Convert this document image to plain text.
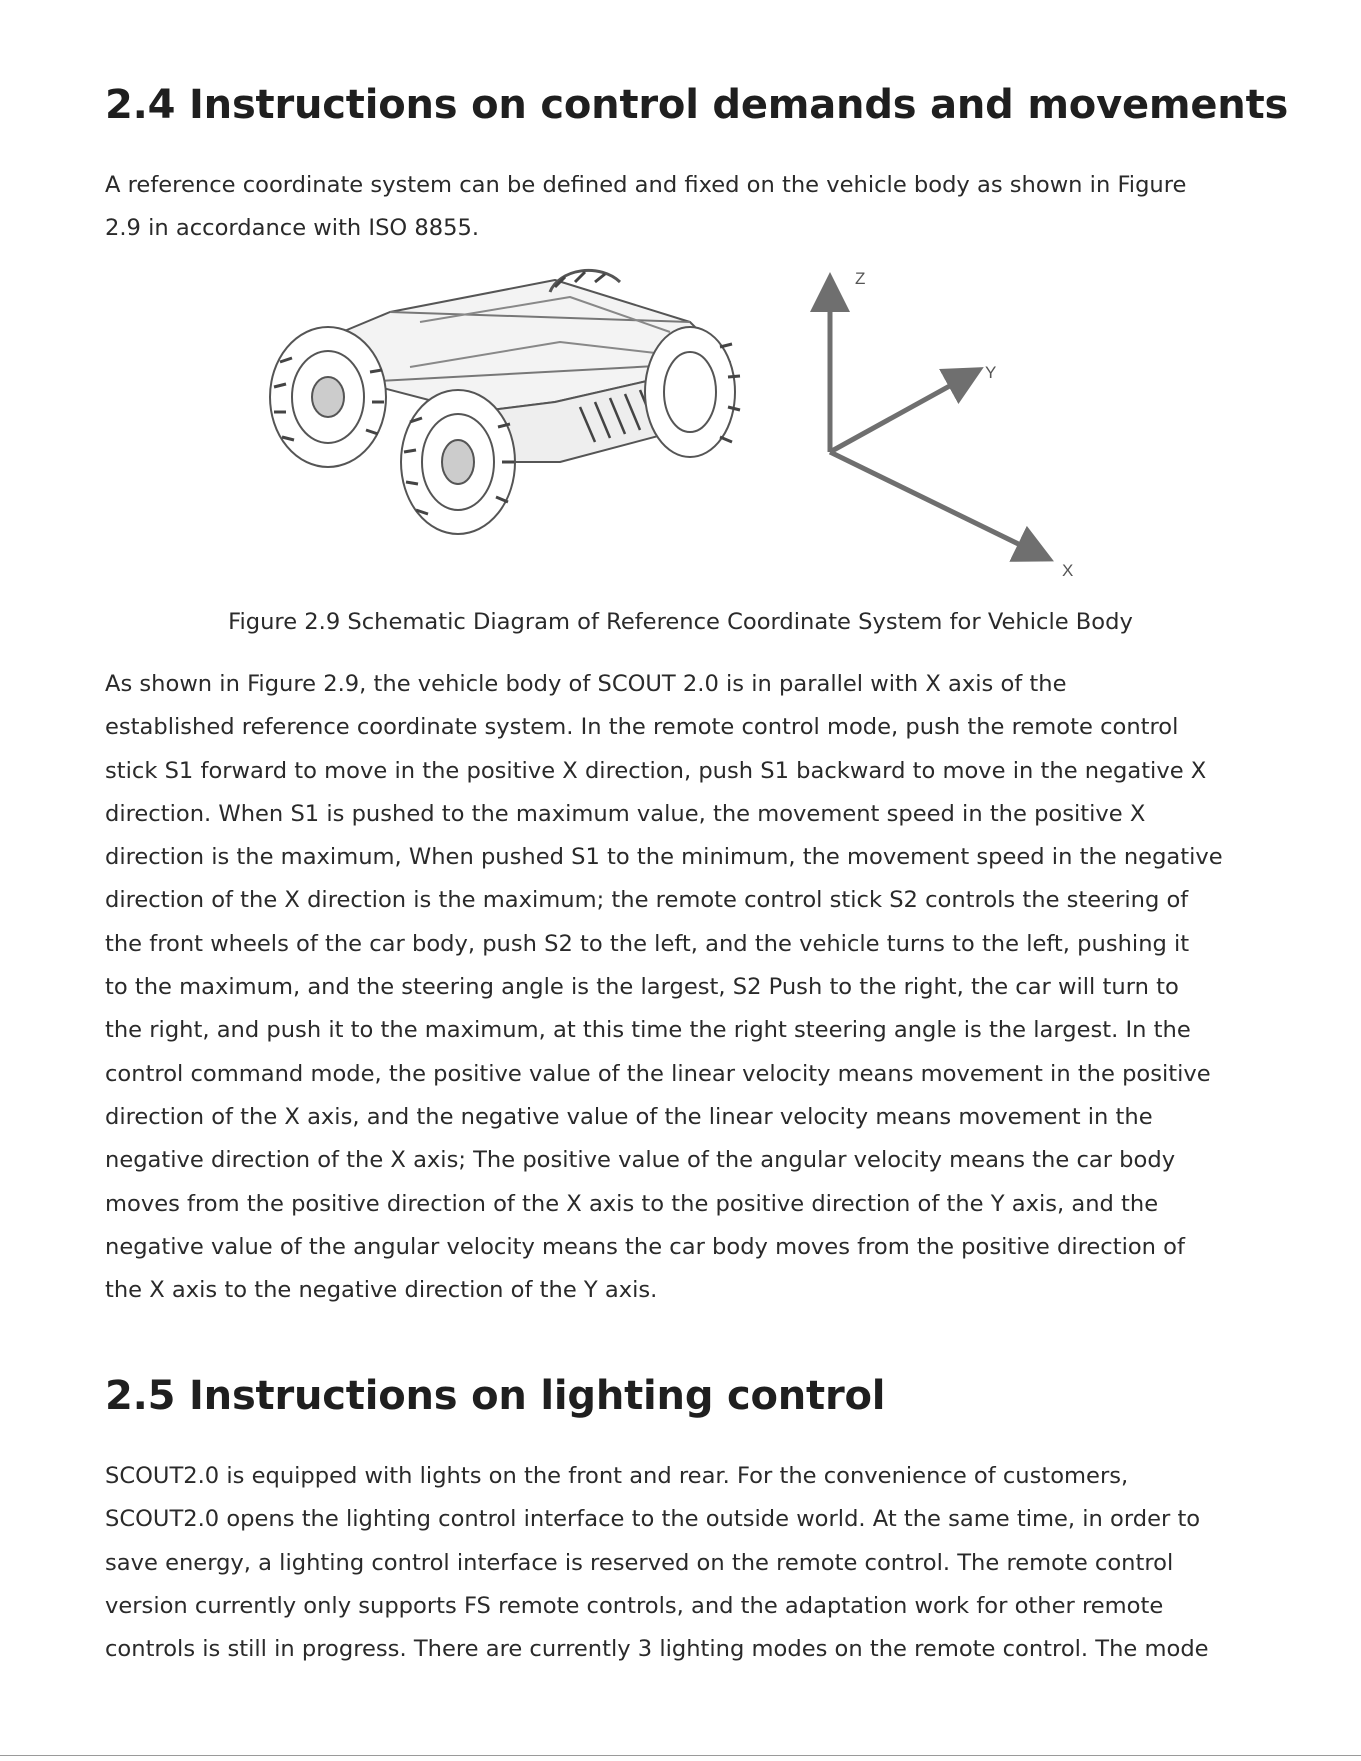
2.4 Instructions on control demands and movements

A reference coordinate system can be defined and fixed on the vehicle body as shown in Figure
2.9 in accordance with ISO 8855.

Z
Y
X
Figure 2.9 Schematic Diagram of Reference Coordinate System for Vehicle Body

As shown in Figure 2.9, the vehicle body of SCOUT 2.0 is in parallel with X axis of the
established reference coordinate system. In the remote control mode, push the remote control
stick S1 forward to move in the positive X direction, push S1 backward to move in the negative X
direction. When S1 is pushed to the maximum value, the movement speed in the positive X
direction is the maximum, When pushed S1 to the minimum, the movement speed in the negative
direction of the X direction is the maximum; the remote control stick S2 controls the steering of
the front wheels of the car body, push S2 to the left, and the vehicle turns to the left, pushing it
to the maximum, and the steering angle is the largest, S2 Push to the right, the car will turn to
the right, and push it to the maximum, at this time the right steering angle is the largest. In the
control command mode, the positive value of the linear velocity means movement in the positive
direction of the X axis, and the negative value of the linear velocity means movement in the
negative direction of the X axis; The positive value of the angular velocity means the car body
moves from the positive direction of the X axis to the positive direction of the Y axis, and the
negative value of the angular velocity means the car body moves from the positive direction of
the X axis to the negative direction of the Y axis.

2.5 Instructions on lighting control

SCOUT2.0 is equipped with lights on the front and rear. For the convenience of customers,
SCOUT2.0 opens the lighting control interface to the outside world. At the same time, in order to
save energy, a lighting control interface is reserved on the remote control. The remote control
version currently only supports FS remote controls, and the adaptation work for other remote
controls is still in progress. There are currently 3 lighting modes on the remote control. The mode
